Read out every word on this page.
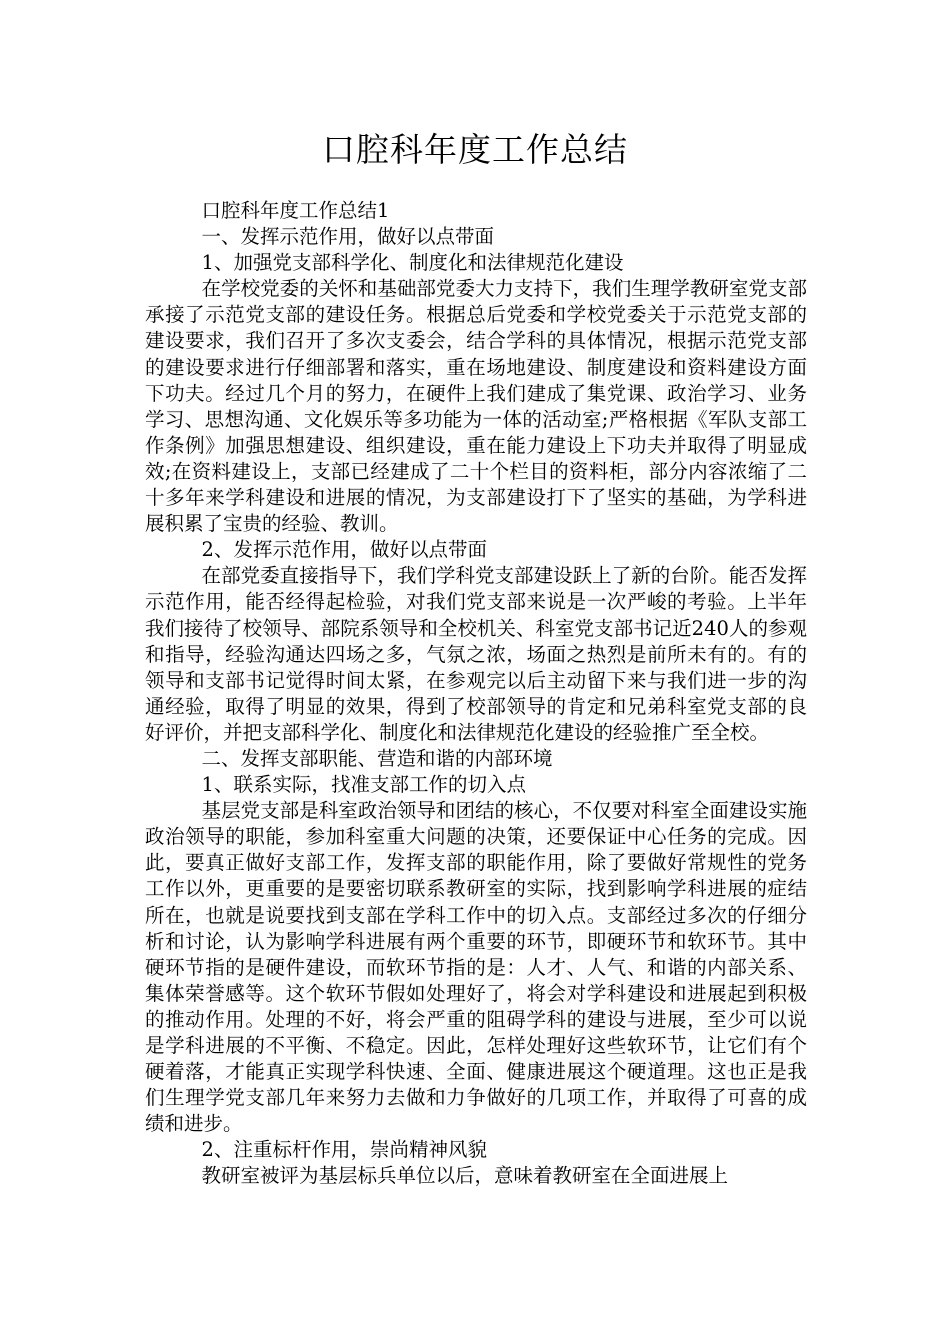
口腔科年度工作总结

口腔科年度工作总结1

一、发挥示范作用，做好以点带面

1、加强党支部科学化、制度化和法律规范化建设

在学校党委的关怀和基础部党委大力支持下，我们生理学教研室党支部承接了示范党支部的建设任务。根据总后党委和学校党委关于示范党支部的建设要求，我们召开了多次支委会，结合学科的具体情况，根据示范党支部的建设要求进行仔细部署和落实，重在场地建设、制度建设和资料建设方面下功夫。经过几个月的努力，在硬件上我们建成了集党课、政治学习、业务学习、思想沟通、文化娱乐等多功能为一体的活动室;严格根据《军队支部工作条例》加强思想建设、组织建设，重在能力建设上下功夫并取得了明显成效;在资料建设上，支部已经建成了二十个栏目的资料柜，部分内容浓缩了二十多年来学科建设和进展的情况，为支部建设打下了坚实的基础，为学科进展积累了宝贵的经验、教训。

2、发挥示范作用，做好以点带面

在部党委直接指导下，我们学科党支部建设跃上了新的台阶。能否发挥示范作用，能否经得起检验，对我们党支部来说是一次严峻的考验。上半年我们接待了校领导、部院系领导和全校机关、科室党支部书记近240人的参观和指导，经验沟通达四场之多，气氛之浓，场面之热烈是前所未有的。有的领导和支部书记觉得时间太紧，在参观完以后主动留下来与我们进一步的沟通经验，取得了明显的效果，得到了校部领导的肯定和兄弟科室党支部的良好评价，并把支部科学化、制度化和法律规范化建设的经验推广至全校。

二、发挥支部职能、营造和谐的内部环境

1、联系实际，找准支部工作的切入点

基层党支部是科室政治领导和团结的核心，不仅要对科室全面建设实施政治领导的职能，参加科室重大问题的决策，还要保证中心任务的完成。因此，要真正做好支部工作，发挥支部的职能作用，除了要做好常规性的党务工作以外，更重要的是要密切联系教研室的实际，找到影响学科进展的症结所在，也就是说要找到支部在学科工作中的切入点。支部经过多次的仔细分析和讨论，认为影响学科进展有两个重要的环节，即硬环节和软环节。其中硬环节指的是硬件建设，而软环节指的是：人才、人气、和谐的内部关系、集体荣誉感等。这个软环节假如处理好了，将会对学科建设和进展起到积极的推动作用。处理的不好，将会严重的阻碍学科的建设与进展，至少可以说是学科进展的不平衡、不稳定。因此，怎样处理好这些软环节，让它们有个硬着落，才能真正实现学科快速、全面、健康进展这个硬道理。这也正是我们生理学党支部几年来努力去做和力争做好的几项工作，并取得了可喜的成绩和进步。

2、注重标杆作用，崇尚精神风貌

教研室被评为基层标兵单位以后，意味着教研室在全面进展上
